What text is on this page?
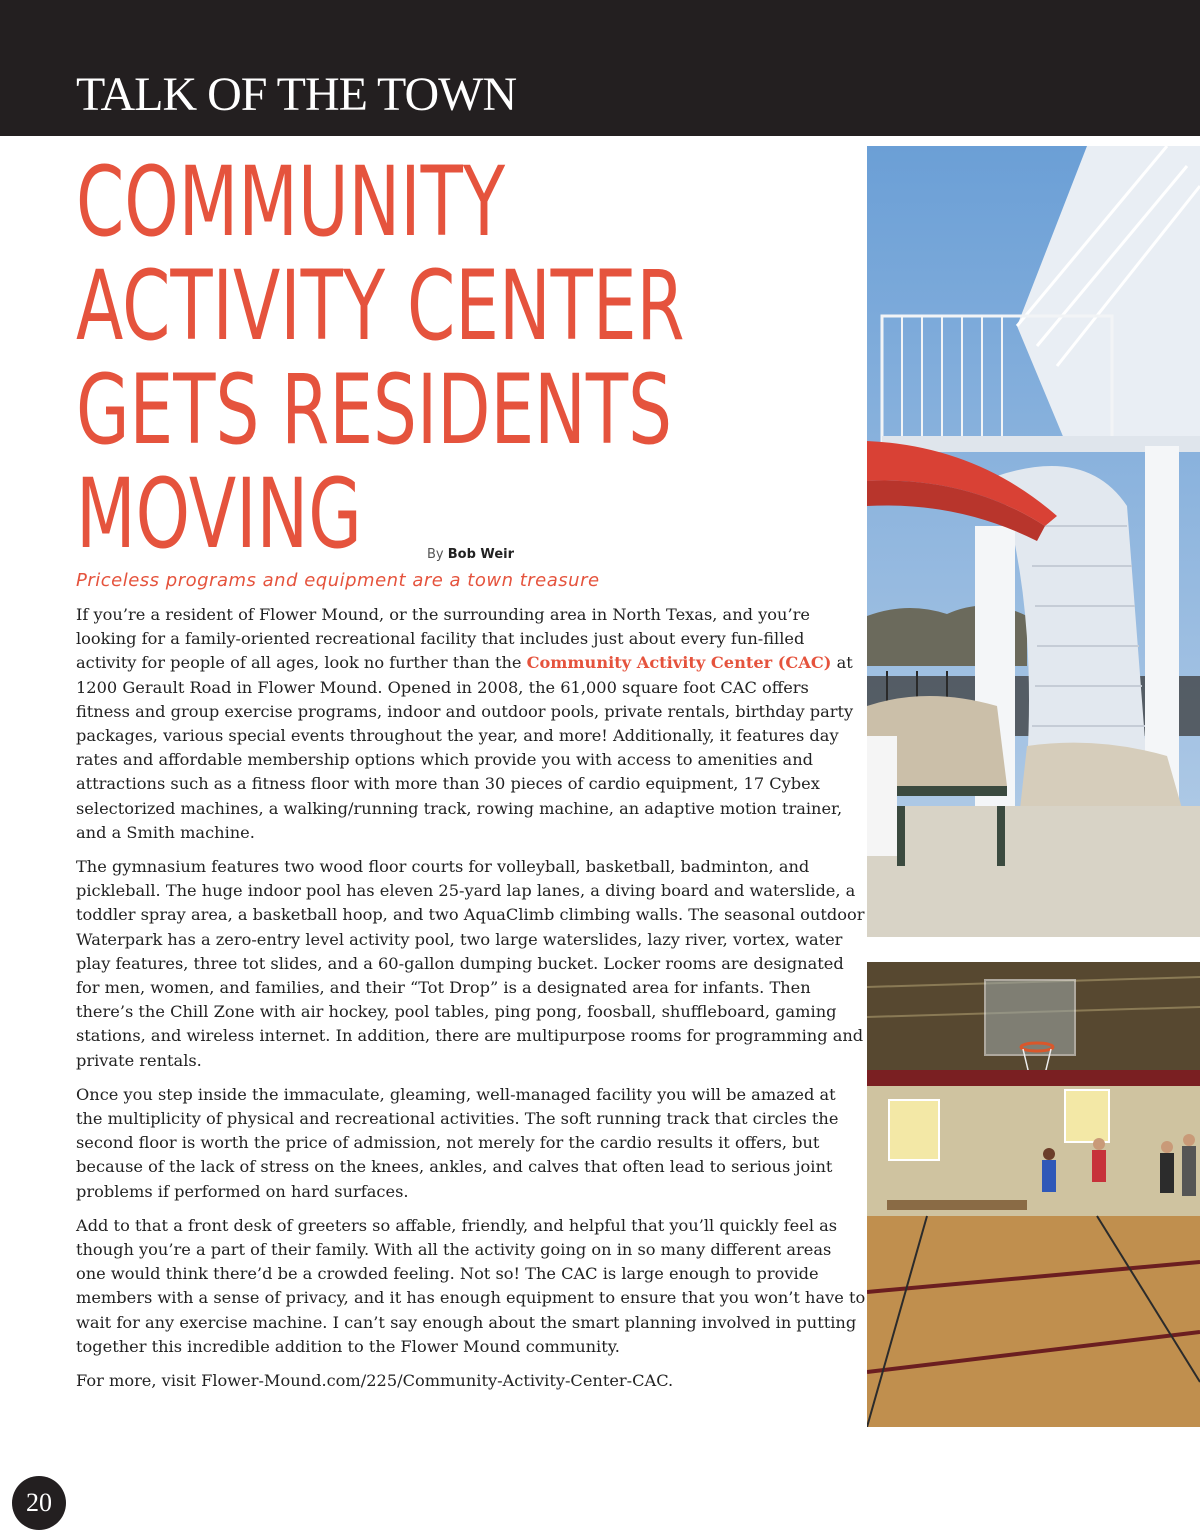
TALK OF THE TOWN
COMMUNITY
ACTIVITY CENTER
GETS RESIDENTS
MOVING	By Bob Weir
Priceless programs and equipment are a town treasure

If you’re a resident of Flower Mound, or the surrounding area in North Texas, and you’re looking for a family-oriented recreational facility that includes just about every fun-filled activity for people of all ages, look no further than the Community Activity Center (CAC) at 1200 Gerault Road in Flower Mound. Opened in 2008, the 61,000 square foot CAC offers fitness and group exercise programs, indoor and outdoor pools, private rentals, birthday party packages, various special events throughout the year, and more! Additionally, it features day rates and affordable membership options which provide you with access to amenities and attractions such as a fitness floor with more than 30 pieces of cardio equipment, 17 Cybex selectorized machines, a walking/running track, rowing machine, an adaptive motion trainer, and a Smith machine.

The gymnasium features two wood floor courts for volleyball, basketball, badminton, and pickleball. The huge indoor pool has eleven 25-yard lap lanes, a diving board and waterslide, a toddler spray area, a basketball hoop, and two AquaClimb climbing walls. The seasonal outdoor Waterpark has a zero-entry level activity pool, two large waterslides, lazy river, vortex, water play features, three tot slides, and a 60-gallon dumping bucket. Locker rooms are designated for men, women, and families, and their “Tot Drop” is a designated area for infants. Then there’s the Chill Zone with air hockey, pool tables, ping pong, foosball, shuffleboard, gaming stations, and wireless internet. In addition, there are multipurpose rooms for programming and private rentals.

Once you step inside the immaculate, gleaming, well-managed facility you will be amazed at the multiplicity of physical and recreational activities. The soft running track that circles the second floor is worth the price of admission, not merely for the cardio results it offers, but because of the lack of stress on the knees, ankles, and calves that often lead to serious joint problems if performed on hard surfaces.

Add to that a front desk of greeters so affable, friendly, and helpful that you’ll quickly feel as though you’re a part of their family. With all the activity going on in so many different areas one would think there’d be a crowded feeling. Not so! The CAC is large enough to provide members with a sense of privacy, and it has enough equipment to ensure that you won’t have to wait for any exercise machine. I can’t say enough about the smart planning involved in putting together this incredible addition to the Flower Mound community.

For more, visit Flower-Mound.com/225/Community-Activity-Center-CAC.

20
